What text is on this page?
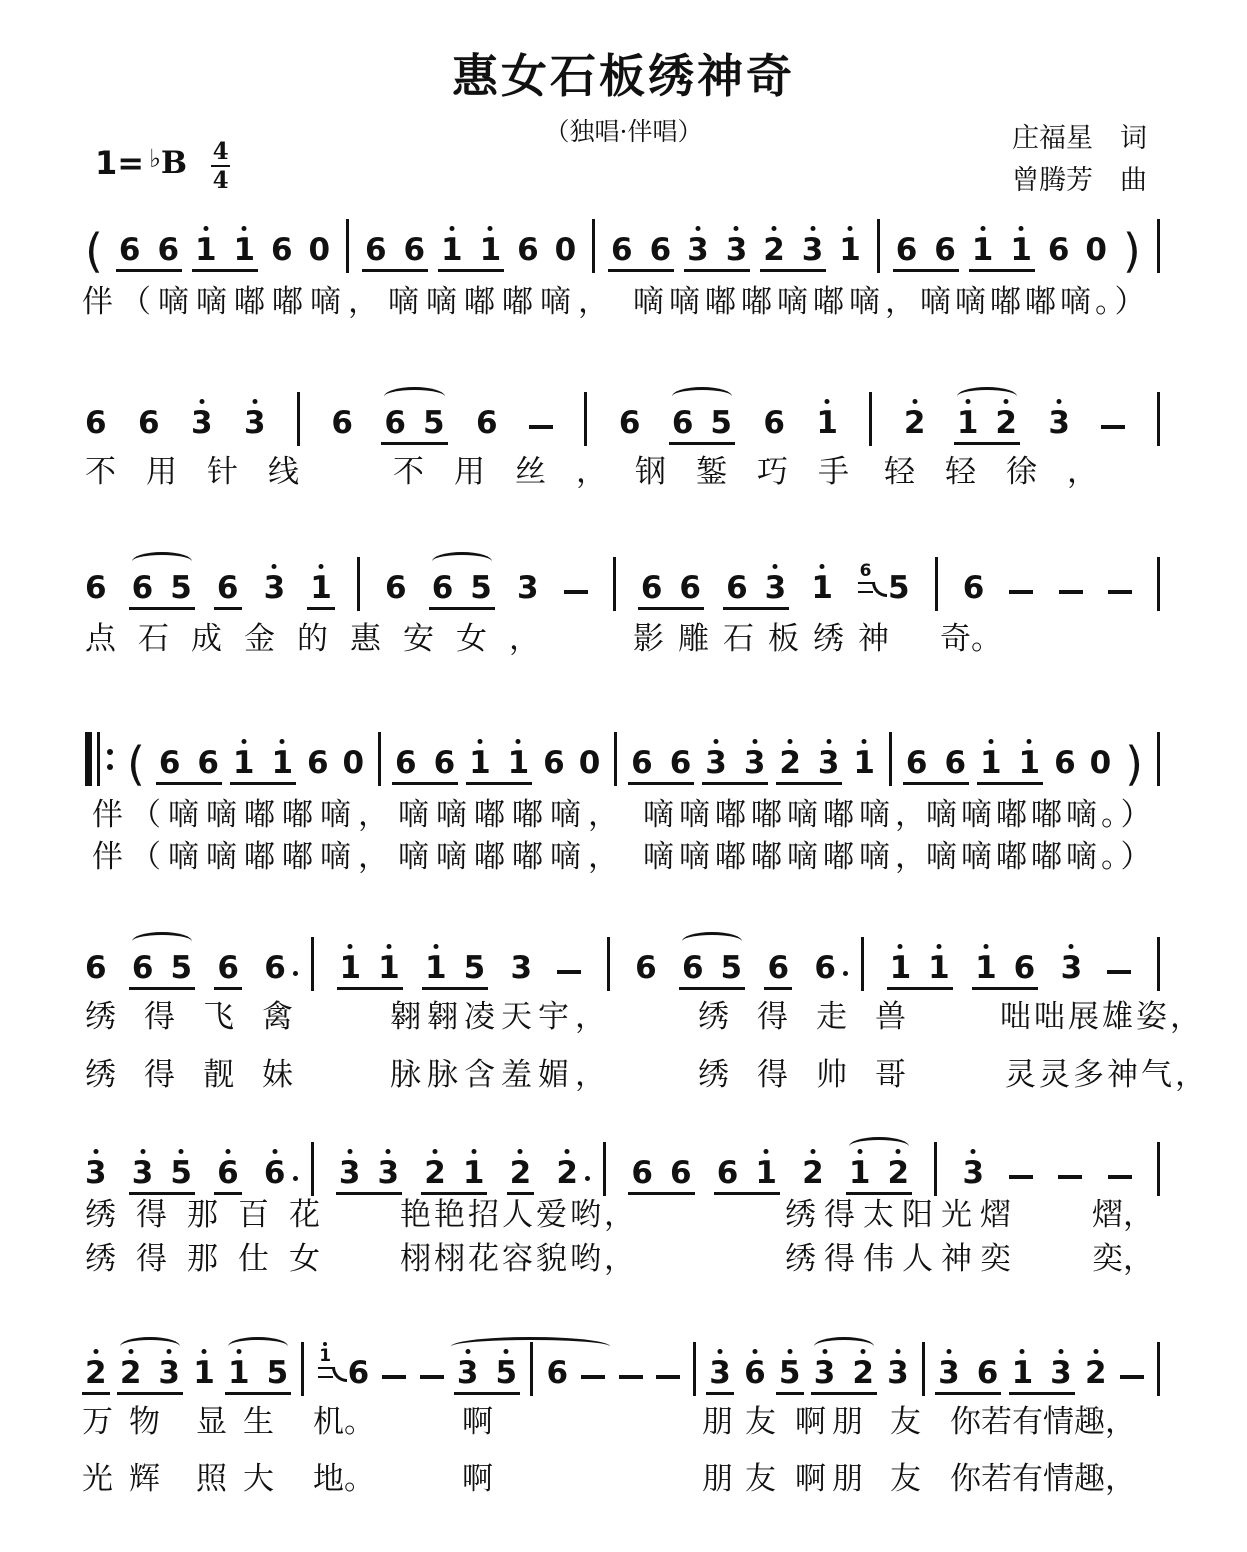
惠女石板绣神奇
（独唱·伴唱）	庄福星　词
曾腾芳　曲
1= ♭ B $\frac{4}{4}$
( 6 6 1 1 6 0 6 6 1 1 6 0 6 6 3 3 2 3 1 6 6 1 1 6 0 )
伴（嘀嘀嘟嘟嘀， 嘀嘀嘟嘟嘀， 嘀嘀嘟嘟嘀嘟嘀， 嘀嘀嘟嘟嘀。）
6 6 3 3 6 6 5 6	6 6 5 6 1 2 1 2 3
不用针线 不用丝，
钢錾巧手 轻轻徐，
6 6 5 6 3 1 6 6 5 3	6 6 6 3 1 6 5 6
点石成金的惠安女， 影雕石板绣神 奇。
( 6 6 1 1 6 0 6 6 1 1 6 0 6 6 3 3 2 3 1 6 6 1 1 6 0 )
伴（嘀嘀嘟嘟嘀， 嘀嘀嘟嘟嘀， 嘀嘀嘟嘟嘀嘟嘀，
嘀嘀嘟嘟嘀。）
伴（嘀嘀嘟嘟嘀， 嘀嘀嘟嘟嘀， 嘀嘀嘟嘟嘀嘟嘀，
嘀嘀嘟嘟嘀。）
6 6 5 6 6 1 1 1 5 3	6 6 5 6 6 1 1 1 6 3
绣得飞禽 翱翱凌天宇，	绣得走兽 咄咄展雄姿，
绣得靓妹 脉脉含羞媚，	绣得帅哥 灵灵多神气，
3 3 5 6 6 3 3 2 1 2 2 6 6 6 1 2 1 2 3
绣得那百花 艳艳招人爱哟，	绣得太阳光熠 熠，
绣得那仕女 栩栩花容貌哟，	绣得伟人神奕 奕，
2 2 3 1 1 5 1 6	3 5 6	3 6 5 3 2 3 3 6 1 3 2
万物 显生 机。	啊	朋友 啊朋 友 你若有情趣，
光辉 照大 地。	啊	朋友 啊朋 友 你若有情趣，
